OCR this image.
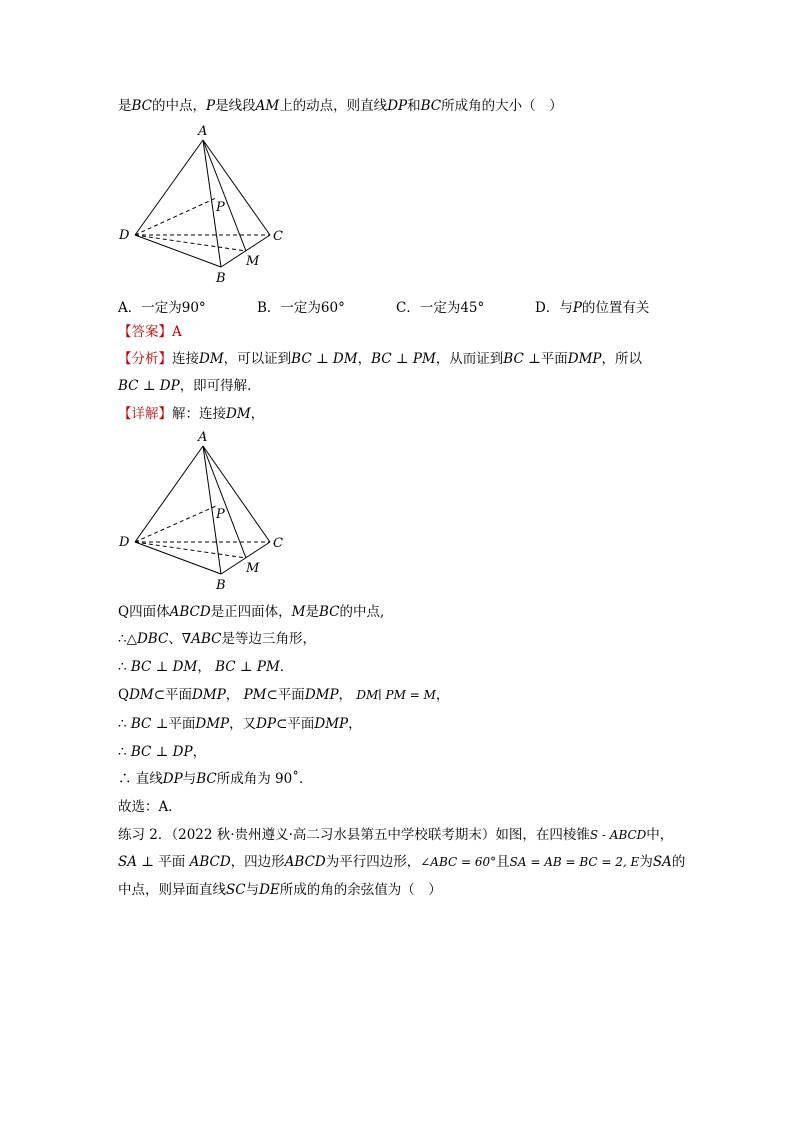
是BC的中点，P是线段AM上的动点，则直线DP和BC所成角的大小（　）
A
D	C
B
M
P
A．一定为90°	B．一定为60°	C．一定为45°	D．与P的位置有关
【答案】A
【分析】连接DM，可以证到BC ⊥ DM，BC ⊥ PM，从而证到BC ⊥平面DMP，所以
BC ⊥ DP，即可得解．
【详解】解：连接DM，
A
D	C
B
M
P
Q四面体ABCD是正四面体，M是BC的中点,
∴△DBC、∇ABC是等边三角形，
∴ BC ⊥ DM， BC ⊥ PM．
QDM⊂平面DMP， PM⊂平面DMP， DM∣ PM = M，
∴ BC ⊥平面DMP，又DP⊂平面DMP，
∴ BC ⊥ DP，
∴ 直线DP与BC所成角为 90˚．
故选：A．
练习 2．（2022 秋·贵州遵义·高二习水县第五中学校联考期末）如图，在四棱锥S - ABCD中，
SA ⊥ 平面 ABCD，四边形ABCD为平行四边形，∠ABC = 60°且SA = AB = BC = 2, E为SA的
中点，则异面直线SC与DE所成的角的余弦值为（　）
